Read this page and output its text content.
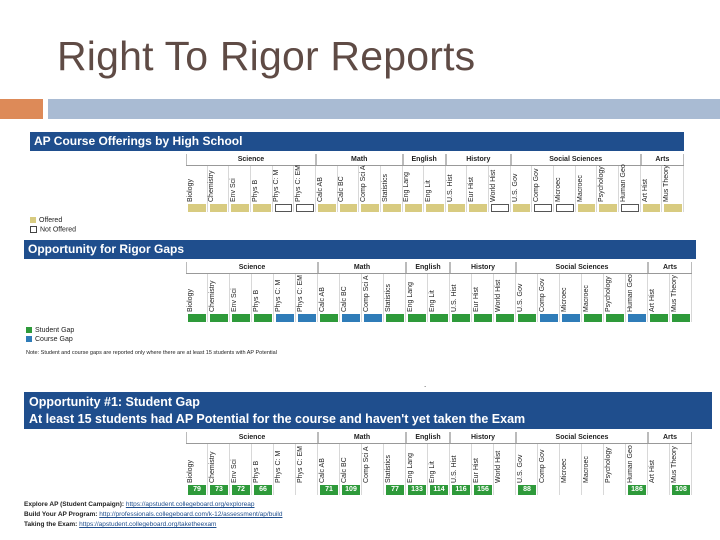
Right To Rigor Reports
AP Course Offerings by High School
Science	Math	English	History	Social Sciences	Arts
Biology Chemistry Env Sci Phys B Phys C: M Phys C: EM Calc AB Calc BC Comp Sci A Statistics Eng Lang Eng Lit U.S. Hist Eur Hist World Hist U.S. Gov Comp Gov Microec Macroec Psychology Human Geo Art Hist Mus Theory
Offered
Not Offered
Opportunity for Rigor Gaps
Science	Math	English	History	Social Sciences	Arts
Biology Chemistry Env Sci Phys B Phys C: M Phys C: EM Calc AB Calc BC Comp Sci A Statistics Eng Lang Eng Lit U.S. Hist Eur Hist World Hist U.S. Gov Comp Gov Microec Macroec Psychology Human Geo Art Hist Mus Theory
Student Gap
Course Gap
Note: Student and course gaps are reported only where there are at least 15 students with AP Potential
.
Opportunity #1: Student Gap
At least 15 students had AP Potential for the course and haven't yet taken the Exam
Science	Math	English	History	Social Sciences	Arts
Biology
79
Chemistry
73
Env Sci
72
Phys B
66
Phys C: M Phys C: EM Calc AB
71
Calc BC
109
Comp Sci A Statistics
77
Eng Lang
133
Eng Lit
114
U.S. Hist
116
Eur Hist
156
World Hist U.S. Gov
88
Comp Gov Microec Macroec Psychology Human Geo
186
Art Hist Mus Theory
108
Explore AP (Student Campaign): https://apstudent.collegeboard.org/exploreap
Build Your AP Program: http://professionals.collegeboard.com/k-12/assessment/ap/build
Taking the Exam: https://apstudent.collegeboard.org/taketheexam
